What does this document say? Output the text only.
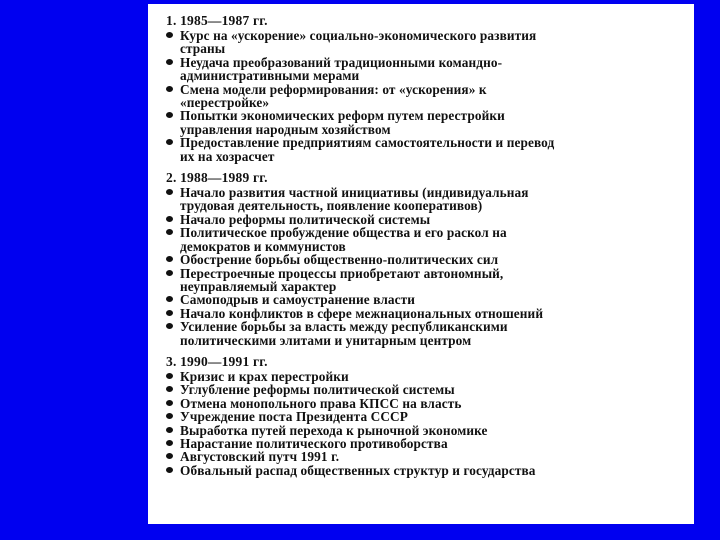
1. 1985—1987 гг.
Курс на «ускорение» социально-экономического развития
страны
Неудача преобразований традиционными командно-
административными мерами
Смена модели реформирования: от «ускорения» к
«перестройке»
Попытки экономических реформ путем перестройки
управления народным хозяйством
Предоставление предприятиям самостоятельности и перевод
их на хозрасчет
2. 1988—1989 гг.
Начало развития частной инициативы (индивидуальная
трудовая деятельность, появление кооперативов)
Начало реформы политической системы
Политическое пробуждение общества и его раскол на
демократов и коммунистов
Обострение борьбы общественно-политических сил
Перестроечные процессы приобретают автономный,
неуправляемый характер
Самоподрыв и самоустранение власти
Начало конфликтов в сфере межнациональных отношений
Усиление борьбы за власть между республиканскими
политическими элитами и унитарным центром
3. 1990—1991 гг.
Кризис и крах перестройки
Углубление реформы политической системы
Отмена монопольного права КПСС на власть
Учреждение поста Президента СССР
Выработка путей перехода к рыночной экономике
Нарастание политического противоборства
Августовский путч 1991 г.
Обвальный распад общественных структур и государства
